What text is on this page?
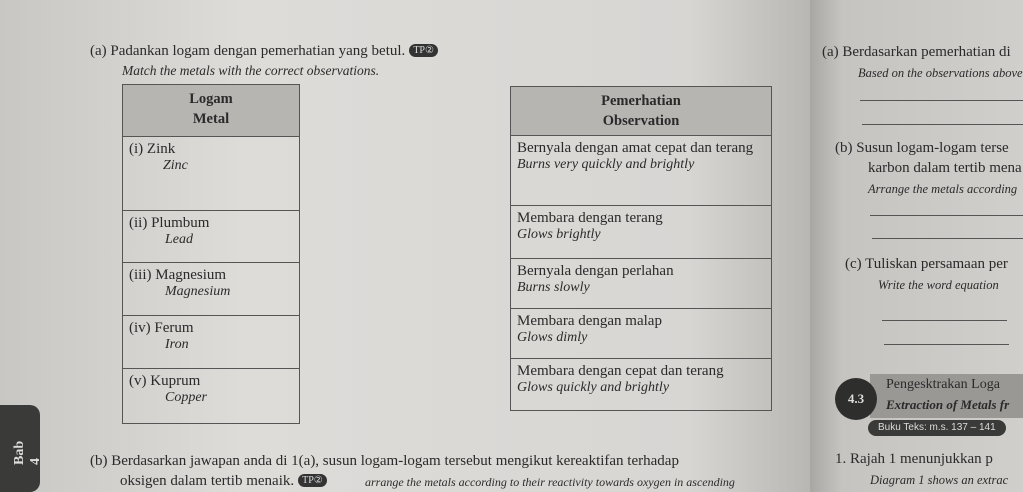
(a) Padankan logam dengan pemerhatian yang betul. TP②
Match the metals with the correct observations.
Logam
Metal

(i) Zink
Zinc

(ii) Plumbum
Lead

(iii) Magnesium
Magnesium

(iv) Ferum
Iron

(v) Kuprum
Copper
Pemerhatian
Observation

Bernyala dengan amat cepat dan terang
Burns very quickly and brightly

Membara dengan terang
Glows brightly

Bernyala dengan perlahan
Burns slowly

Membara dengan malap
Glows dimly

Membara dengan cepat dan terang
Glows quickly and brightly
(b) Berdasarkan jawapan anda di 1(a), susun logam-logam tersebut mengikut kereaktifan terhadap
oksigen dalam tertib menaik. TP②	arrange the metals according to their reactivity towards oxygen in ascending
Bab 4
(a) Berdasarkan pemerhatian di
Based on the observations above
(b) Susun logam-logam terse
karbon dalam tertib mena
Arrange the metals according
(c) Tuliskan persamaan per
Write the word equation
Pengesktrakan Loga
Extraction of Metals fr
4.3
Buku Teks: m.s. 137 – 141
1. Rajah 1 menunjukkan p
Diagram 1 shows an extrac
